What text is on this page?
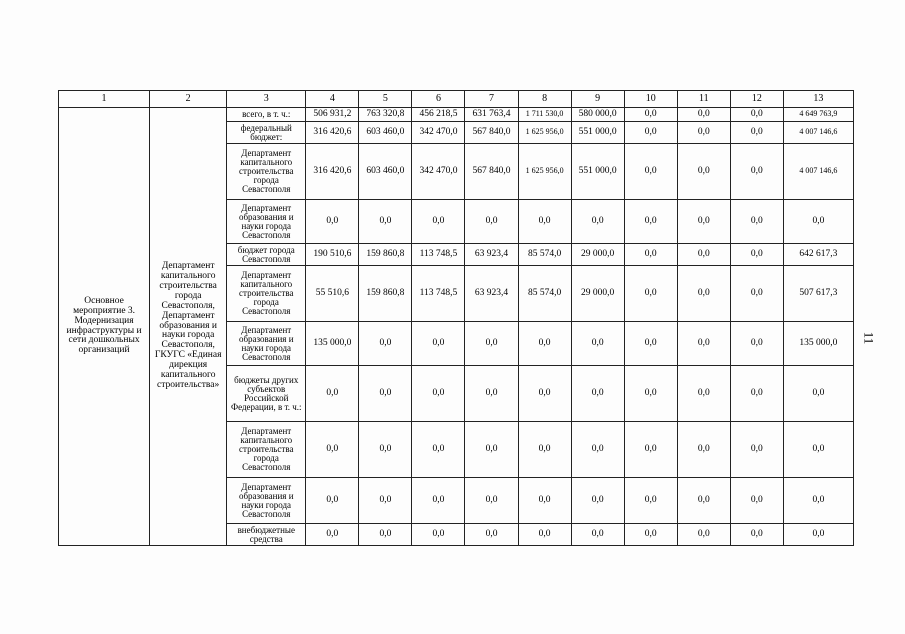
1	2	3	4	5	6	7	8	9	10	11	12	13
Основное мероприятие 3. Модернизация инфраструктуры и сети дошкольных организаций	Департамент капитального строительства города Севастополя, Департамент образования и науки города Севастополя, ГКУГС «Единая дирекция капитального строительства»	всего, в т. ч.:	506 931,2	763 320,8	456 218,5	631 763,4	1 711 530,0	580 000,0	0,0	0,0	0,0	4 649 763,9
		федеральный бюджет:	316 420,6	603 460,0	342 470,0	567 840,0	1 625 956,0	551 000,0	0,0	0,0	0,0	4 007 146,6
		Департамент капитального строительства города Севастополя	316 420,6	603 460,0	342 470,0	567 840,0	1 625 956,0	551 000,0	0,0	0,0	0,0	4 007 146,6
		Департамент образования и науки города Севастополя	0,0	0,0	0,0	0,0	0,0	0,0	0,0	0,0	0,0	0,0
		бюджет города Севастополя	190 510,6	159 860,8	113 748,5	63 923,4	85 574,0	29 000,0	0,0	0,0	0,0	642 617,3
		Департамент капитального строительства города Севастополя	55 510,6	159 860,8	113 748,5	63 923,4	85 574,0	29 000,0	0,0	0,0	0,0	507 617,3
		Департамент образования и науки города Севастополя	135 000,0	0,0	0,0	0,0	0,0	0,0	0,0	0,0	0,0	135 000,0
		бюджеты других субъектов Российской Федерации, в т. ч.:	0,0	0,0	0,0	0,0	0,0	0,0	0,0	0,0	0,0	0,0
		Департамент капитального строительства города Севастополя	0,0	0,0	0,0	0,0	0,0	0,0	0,0	0,0	0,0	0,0
		Департамент образования и науки города Севастополя	0,0	0,0	0,0	0,0	0,0	0,0	0,0	0,0	0,0	0,0
		внебюджетные средства	0,0	0,0	0,0	0,0	0,0	0,0	0,0	0,0	0,0	0,0
11
